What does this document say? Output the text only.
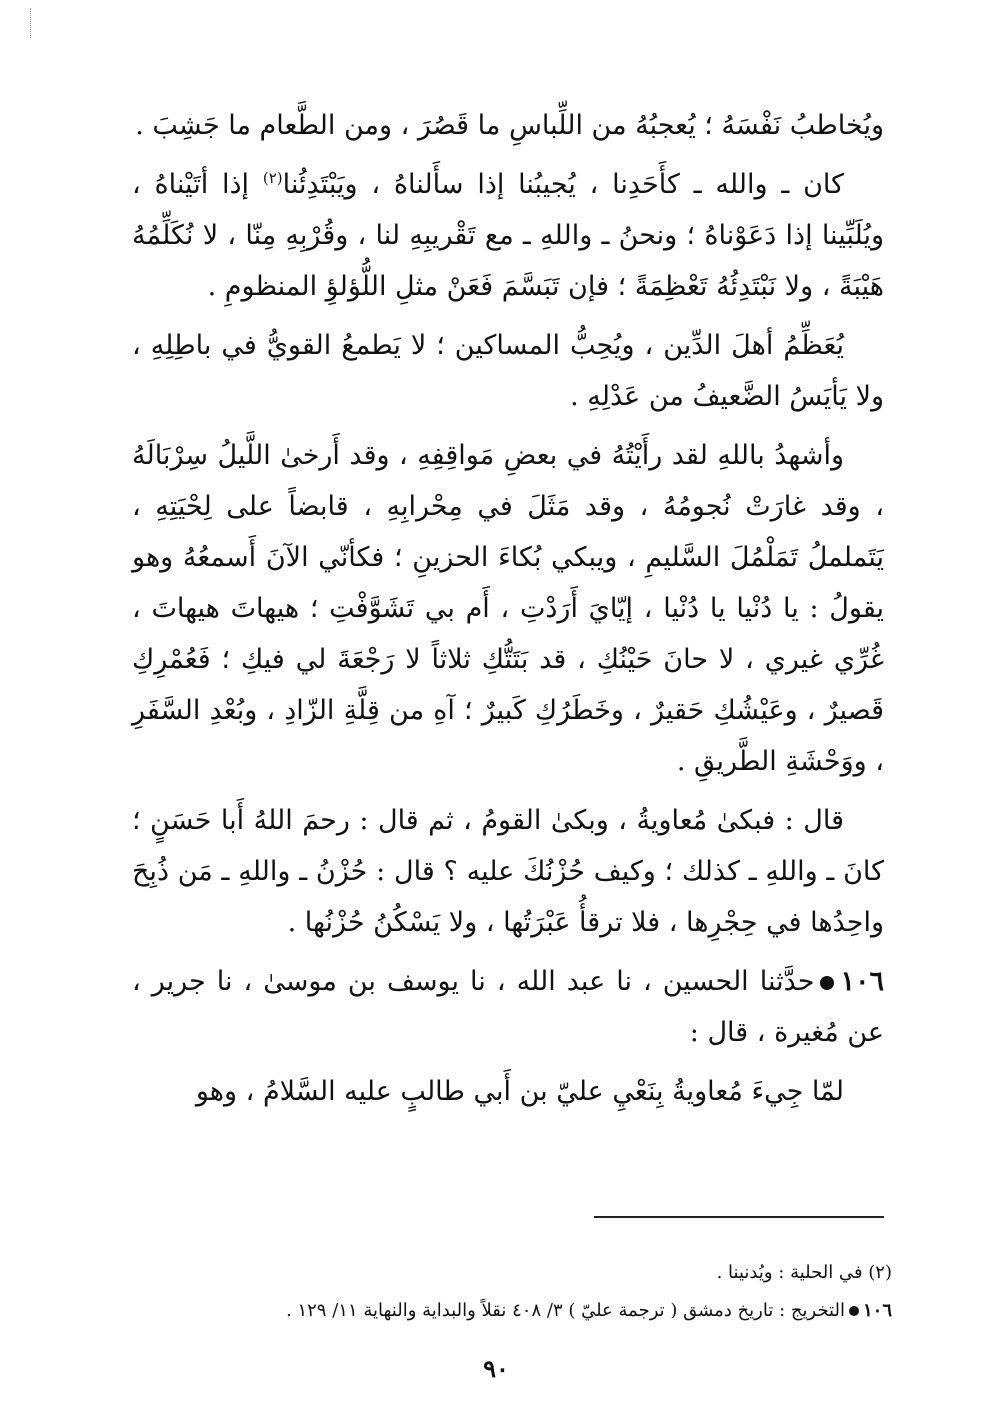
ويُخاطبُ نَفْسَهُ ؛ يُعجبُهُ من اللِّباسِ ما قَصُرَ ، ومن الطَّعام ما جَشِبَ .

كان ـ والله ـ كأَحَدِنا ، يُجيبُنا إذا سأَلناهُ ، ويَبْتَدِئُنا$^{(٢)}$ إذا أتَيْناهُ ، ويُلَبِّينا إذا دَعَوْناهُ ؛ ونحنُ ـ واللهِ ـ مع تَقْريبِهِ لنا ، وقُرْبِهِ مِنّا ، لا نُكَلِّمُهُ هَيْبَةً ، ولا نَبْتَدِئُهُ تَعْظِمَةً ؛ فإن تَبَسَّمَ فَعَنْ مثلِ اللُّؤلؤِ المنظومِ .

يُعَظِّمُ أهلَ الدِّين ، ويُحِبُّ المساكين ؛ لا يَطمعُ القويُّ في باطِلِهِ ، ولا يَأيَسُ الضَّعيفُ من عَدْلِهِ .

وأشهدُ باللهِ لقد رأَيْتُهُ في بعضِ مَواقِفِهِ ، وقد أَرخىٰ اللَّيلُ سِرْبَالَهُ ، وقد غارَتْ نُجومُهُ ، وقد مَثَلَ في مِحْرابِهِ ، قابضاً على لِحْيَتِهِ ، يَتَململُ تَمَلْمُلَ السَّليمِ ، ويبكي بُكاءَ الحزينِ ؛ فكأنّي الآنَ أَسمعُهُ وهو يقولُ : يا دُنْيا يا دُنْيا ، إيّايَ أَرَدْتِ ، أَم بي تَشَوَّفْتِ ؛ هيهاتَ هيهاتَ ، غُرِّي غيري ، لا حانَ حَيْنُكِ ، قد بَتَتُّكِ ثلاثاً لا رَجْعَةَ لي فيكِ ؛ فَعُمْرِكِ قَصيرٌ ، وعَيْشُكِ حَقيرٌ ، وخَطَرُكِ كَبيرٌ ؛ آهِ من قِلَّةِ الزّادِ ، وبُعْدِ السَّفَرِ ، ووَحْشَةِ الطَّريقِ .

قال : فبكىٰ مُعاويةُ ، وبكىٰ القومُ ، ثم قال : رحمَ اللهُ أَبا حَسَنٍ ؛ كانَ ـ واللهِ ـ كذلك ؛ وكيف حُزْنُكَ عليه ؟ قال : حُزْنُ ـ واللهِ ـ مَن ذُبِحَ واحِدُها في حِجْرِها ، فلا ترقأُ عَبْرَتُها ، ولا يَسْكُنُ حُزْنُها .

١٠٦حدَّثنا الحسين ، نا عبد الله ، نا يوسف بن موسىٰ ، نا جرير ، عن مُغيرة ، قال :

لمّا جِيءَ مُعاويةُ بِنَعْيِ عليّ بن أَبي طالبٍ عليه السَّلامُ ، وهو

(٢) في الحلية : ويُدنينا .

١٠٦التخريج : تاريخ دمشق ( ترجمة عليّ ) ٣/ ٤٠٨ نقلاً والبداية والنهاية ١١/ ١٢٩ .

٩٠
